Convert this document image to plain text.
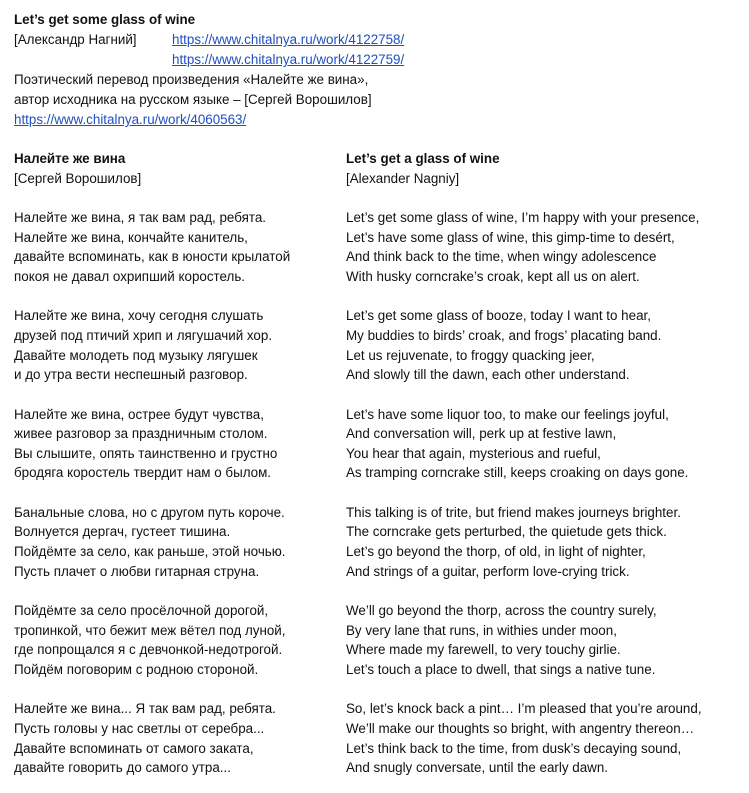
Let’s get some glass of wine
[Александр Нагний]	https://www.chitalnya.ru/work/4122758/
https://www.chitalnya.ru/work/4122759/
Поэтический перевод произведения «Налейте же вина»,
автор исходника на русском языке – [Сергей Ворошилов]
https://www.chitalnya.ru/work/4060563/
Налейте же вина
[Сергей Ворошилов]
Налейте же вина, я так вам рад, ребята.
Налейте же вина, кончайте канитель,
давайте вспоминать, как в юности крылатой
покоя не давал охрипший коростель.
Налейте же вина, хочу сегодня слушать
друзей под птичий хрип и лягушачий хор.
Давайте молодеть под музыку лягушек
и до утра вести неспешный разговор.
Налейте же вина, острее будут чувства,
живее разговор за праздничным столом.
Вы слышите, опять таинственно и грустно
бродяга коростель твердит нам о былом.
Банальные слова, но с другом путь короче.
Волнуется дергач, густеет тишина.
Пойдёмте за село, как раньше, этой ночью.
Пусть плачет о любви гитарная струна.
Пойдёмте за село просёлочной дорогой,
тропинкой, что бежит меж вётел под луной,
где попрощался я с девчонкой-недотрогой.
Пойдём поговорим с родною стороной.
Налейте же вина... Я так вам рад, ребята.
Пусть головы у нас светлы от серебра...
Давайте вспоминать от самого заката,
давайте говорить до самого утра...
Let’s get a glass of wine
[Alexander Nagniy]
Let’s get some glass of wine, I’m happy with your presence,
Let’s have some glass of wine, this gimp-time to desért,
And think back to the time, when wingy adolescence
With husky corncrake’s croak, kept all us on alert.
Let’s get some glass of booze, today I want to hear,
My buddies to birds’ croak, and frogs’ placating band.
Let us rejuvenate, to froggy quacking jeer,
And slowly till the dawn, each other understand.
Let’s have some liquor too, to make our feelings joyful,
And conversation will, perk up at festive lawn,
You hear that again, mysterious and rueful,
As tramping corncrake still, keeps croaking on days gone.
This talking is of trite, but friend makes journeys brighter.
The corncrake gets perturbed, the quietude gets thick.
Let’s go beyond the thorp, of old, in light of nighter,
And strings of a guitar, perform love-crying trick.
We’ll go beyond the thorp, across the country surely,
By very lane that runs, in withies under moon,
Where made my farewell, to very touchy girlie.
Let’s touch a place to dwell, that sings a native tune.
So, let’s knock back a pint… I’m pleased that you’re around,
We’ll make our thoughts so bright, with angentry thereon…
Let’s think back to the time, from dusk’s decaying sound,
And snugly conversate, until the early dawn.
